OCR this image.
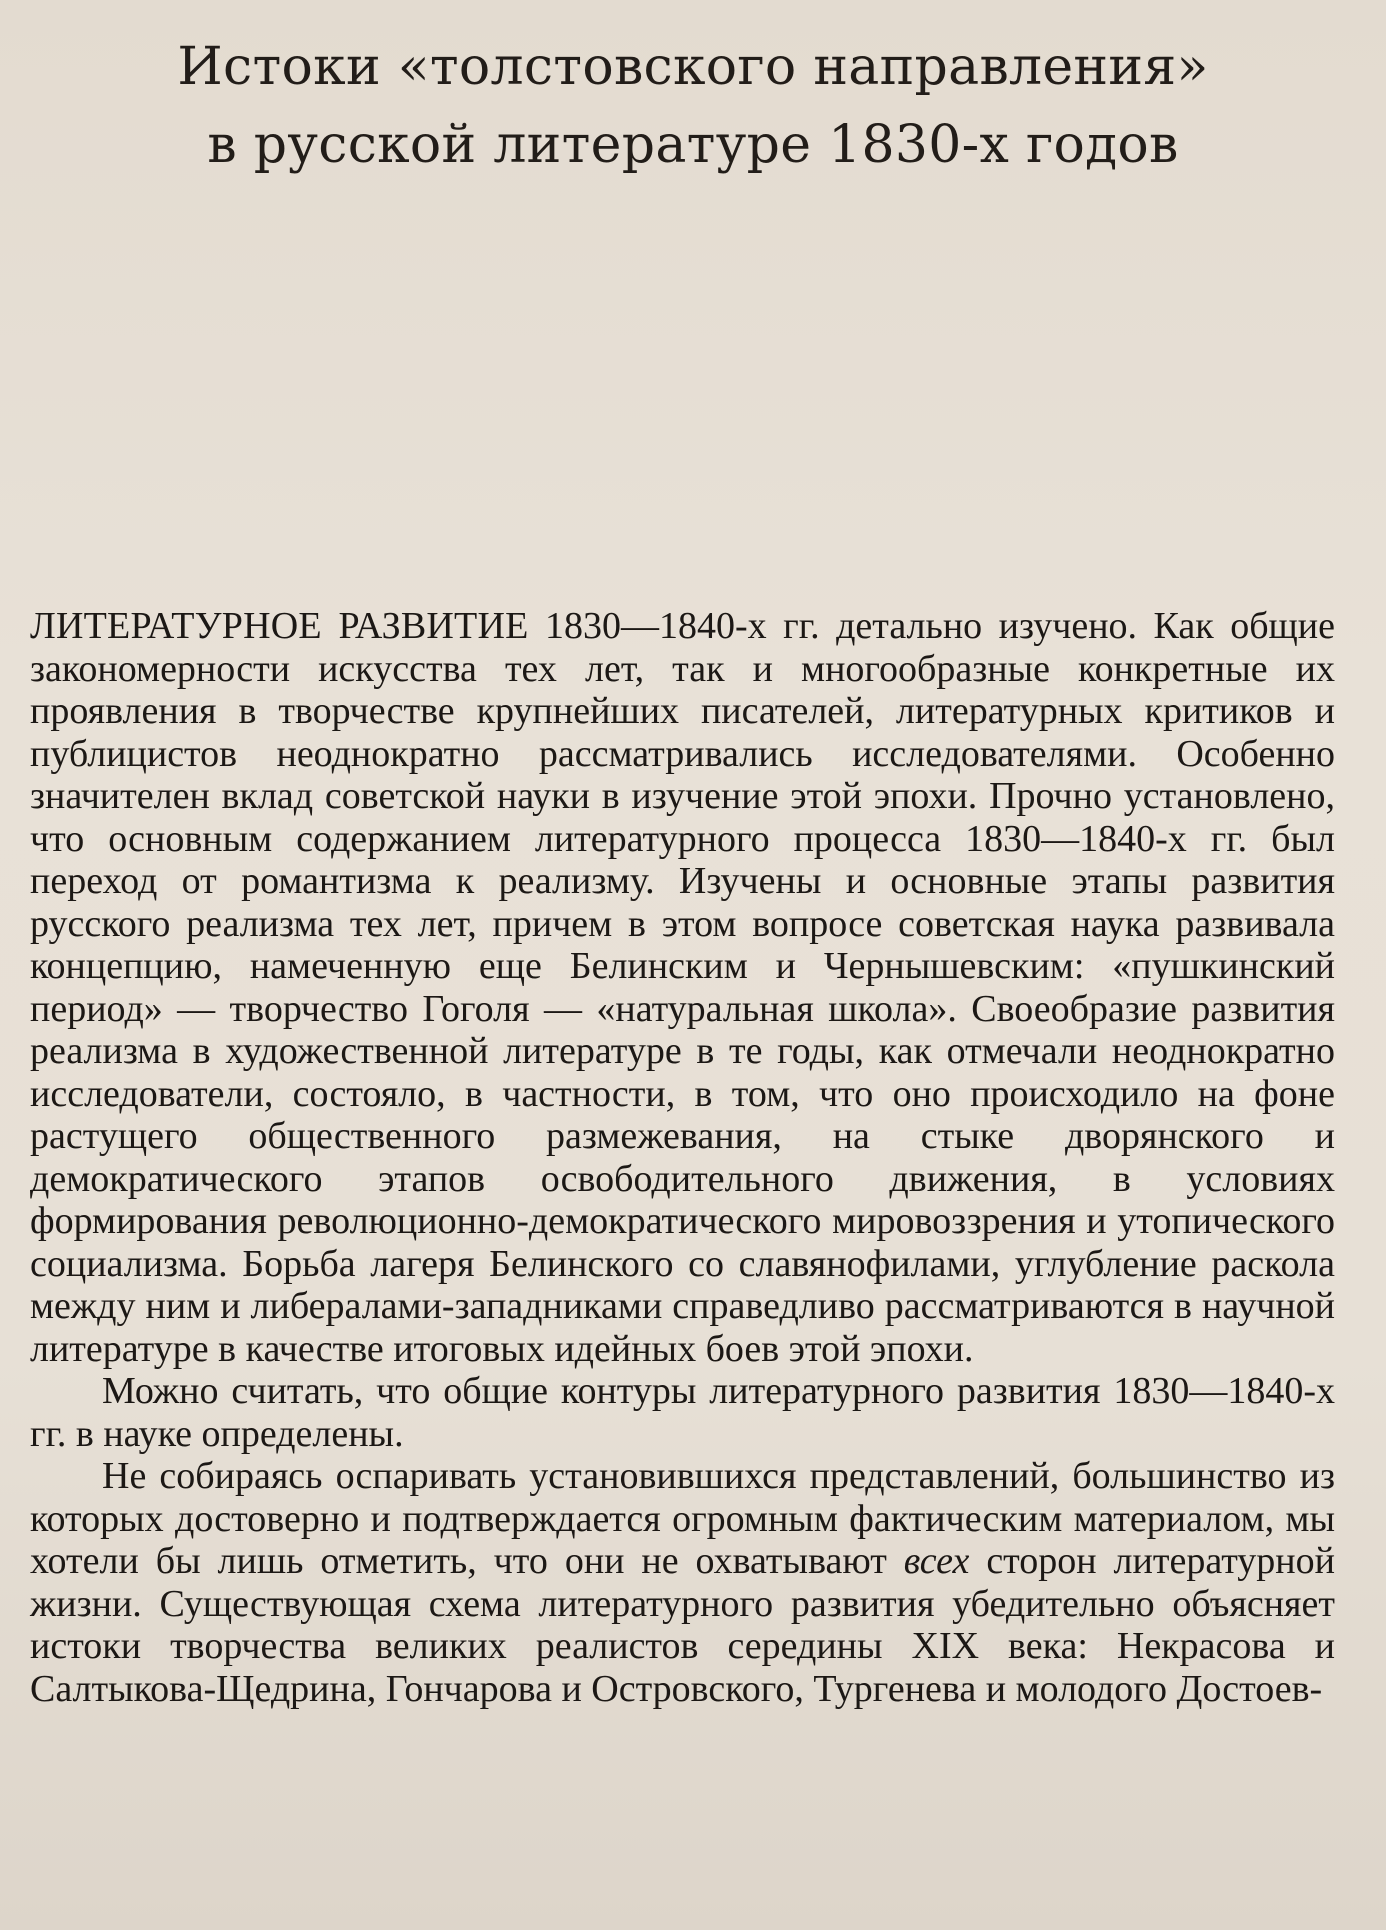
Истоки «толстовского направления»
в русской литературе 1830-х годов

ЛИТЕРАТУРНОЕ РАЗВИТИЕ 1830—1840-х гг. детально изучено. Как общие закономерности искусства тех лет, так и многообразные конкретные их проявления в творчестве крупнейших писателей, литературных критиков и публицистов неоднократно рассматривались исследователями. Особенно значителен вклад советской науки в изучение этой эпохи. Прочно установлено, что основным содержанием литературного процесса 1830—1840-х гг. был переход от романтизма к реализму. Изучены и основные этапы развития русского реализма тех лет, причем в этом вопросе советская наука развивала концепцию, намеченную еще Белинским и Чернышевским: «пушкинский период» — творчество Гоголя — «натуральная школа». Своеобразие развития реализма в художественной литературе в те годы, как отмечали неоднократно исследователи, состояло, в частности, в том, что оно происходило на фоне растущего общественного размежевания, на стыке дворянского и демократического этапов освободительного движения, в условиях формирования революционно-демократического мировоззрения и утопического социализма. Борьба лагеря Белинского со славянофилами, углубление раскола между ним и либералами-западниками справедливо рассматриваются в научной литературе в качестве итоговых идейных боев этой эпохи.

Можно считать, что общие контуры литературного развития 1830—1840-х гг. в науке определены.

Не собираясь оспаривать установившихся представлений, большинство из которых достоверно и подтверждается огромным фактическим материалом, мы хотели бы лишь отметить, что они не охватывают всех сторон литературной жизни. Существующая схема литературного развития убедительно объясняет истоки творчества великих реалистов середины XIX века: Некрасова и Салтыкова-Щедрина, Гончарова и Островского, Тургенева и молодого Достоев-
